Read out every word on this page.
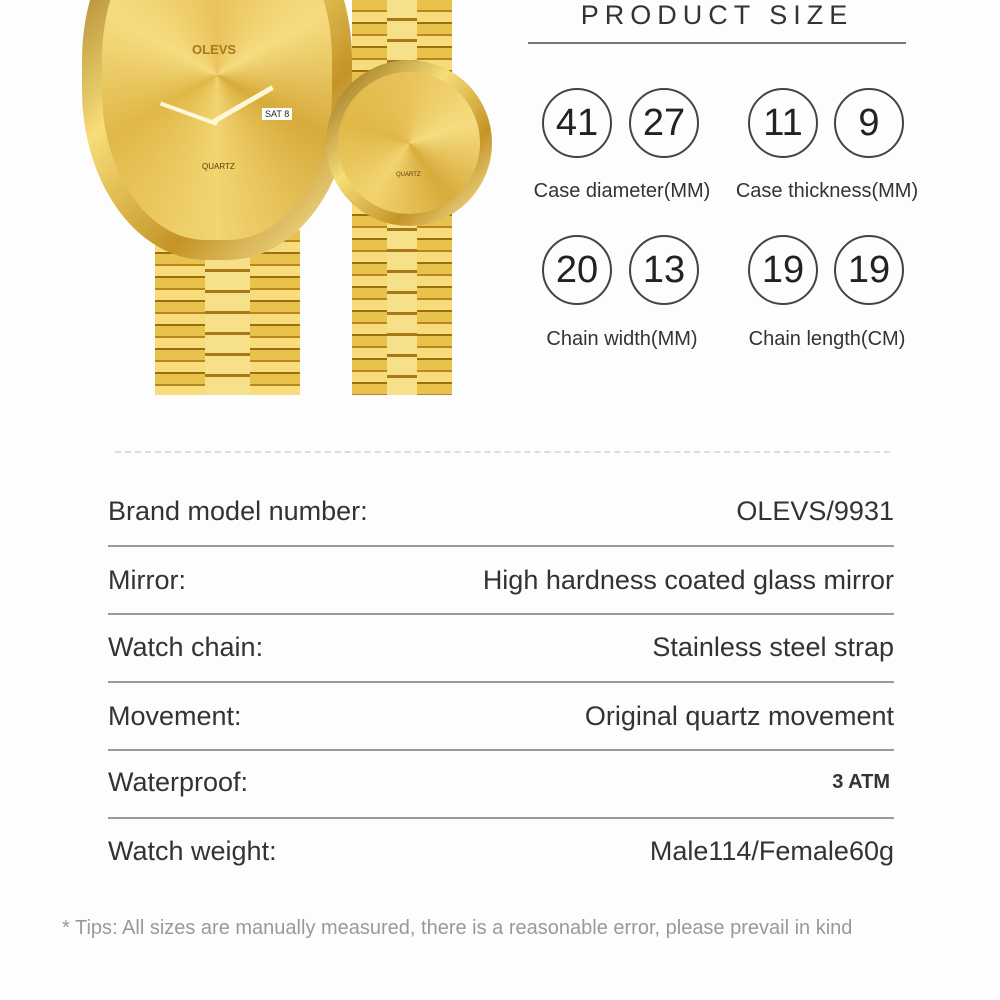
OLEVS
SAT 8
QUARTZ
QUARTZ
PRODUCT SIZE
41	27
Case diameter(MM)
11	9
Case thickness(MM)
20	13
Chain width(MM)
19	19
Chain length(CM)
Brand model number:	OLEVS/9931
Mirror:	High hardness coated glass mirror
Watch chain:	Stainless steel strap
Movement:	Original quartz movement
Waterproof:	3 ATM
Watch weight:	Male114/Female60g
* Tips: All sizes are manually measured, there is a reasonable error, please prevail in kind
